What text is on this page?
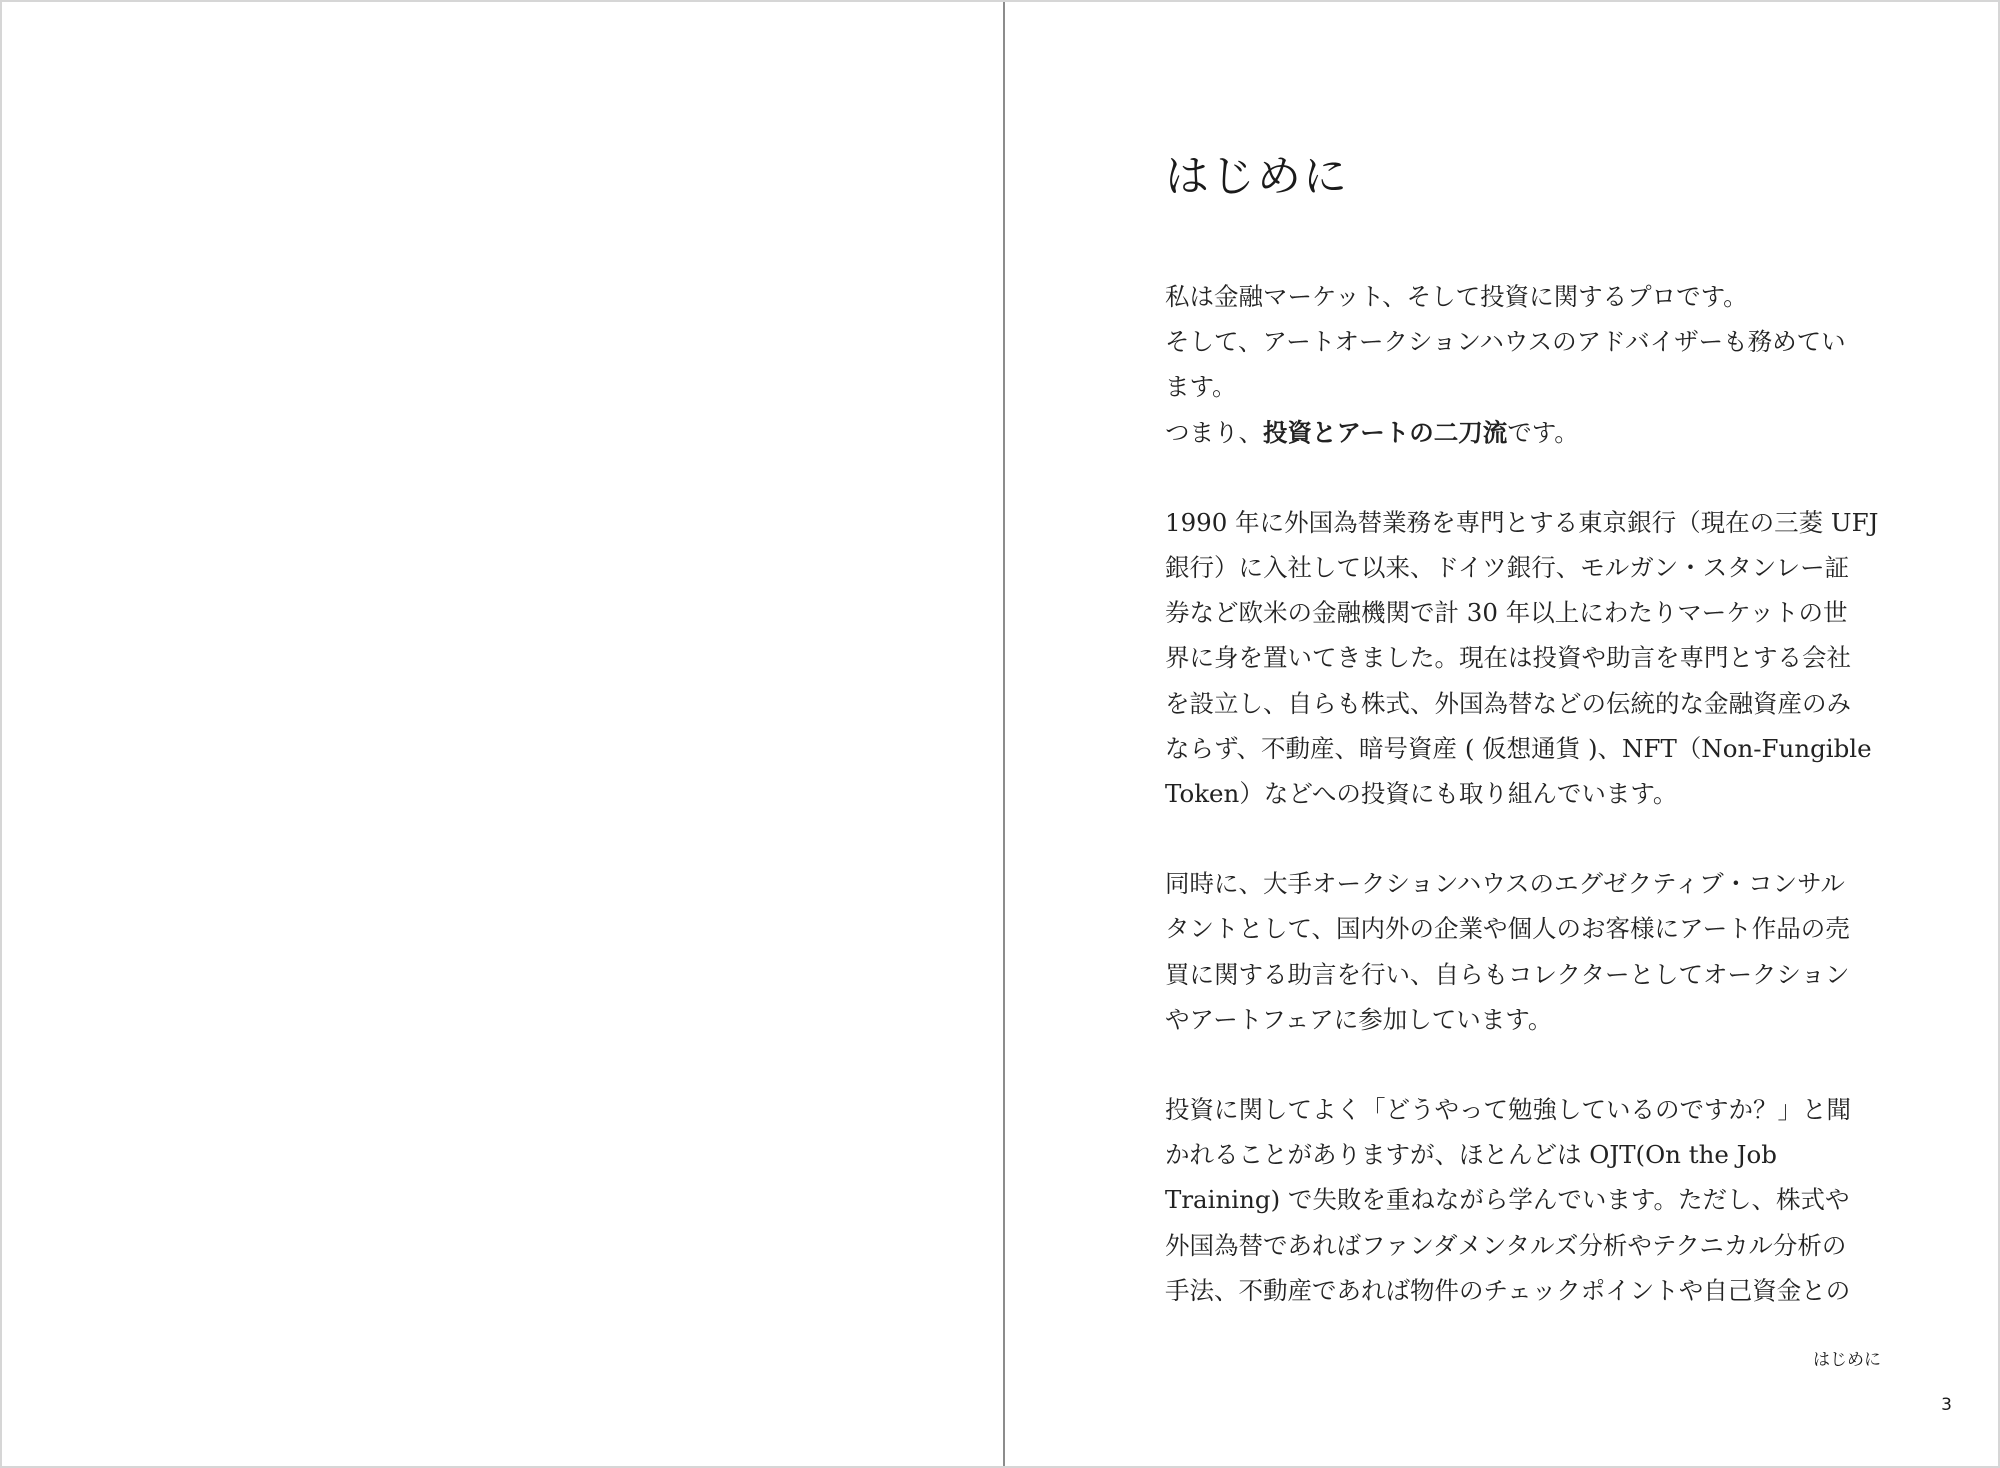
はじめに

私は金融マーケット、そして投資に関するプロです。
そして、アートオークションハウスのアドバイザーも務めてい
ます。
つまり、投資とアートの二刀流です。

1990 年に外国為替業務を専門とする東京銀行（現在の三菱 UFJ
銀行）に入社して以来、ドイツ銀行、モルガン・スタンレー証
券など欧米の金融機関で計 30 年以上にわたりマーケットの世
界に身を置いてきました。現在は投資や助言を専門とする会社
を設立し、自らも株式、外国為替などの伝統的な金融資産のみ
ならず、不動産、暗号資産 ( 仮想通貨 )、NFT（Non-Fungible
Token）などへの投資にも取り組んでいます。

同時に、大手オークションハウスのエグゼクティブ・コンサル
タントとして、国内外の企業や個人のお客様にアート作品の売
買に関する助言を行い、自らもコレクターとしてオークション
やアートフェアに参加しています。

投資に関してよく「どうやって勉強しているのですか？」と聞
かれることがありますが、ほとんどは OJT(On the Job
Training) で失敗を重ねながら学んでいます。ただし、株式や
外国為替であればファンダメンタルズ分析やテクニカル分析の
手法、不動産であれば物件のチェックポイントや自己資金との

はじめに
3
